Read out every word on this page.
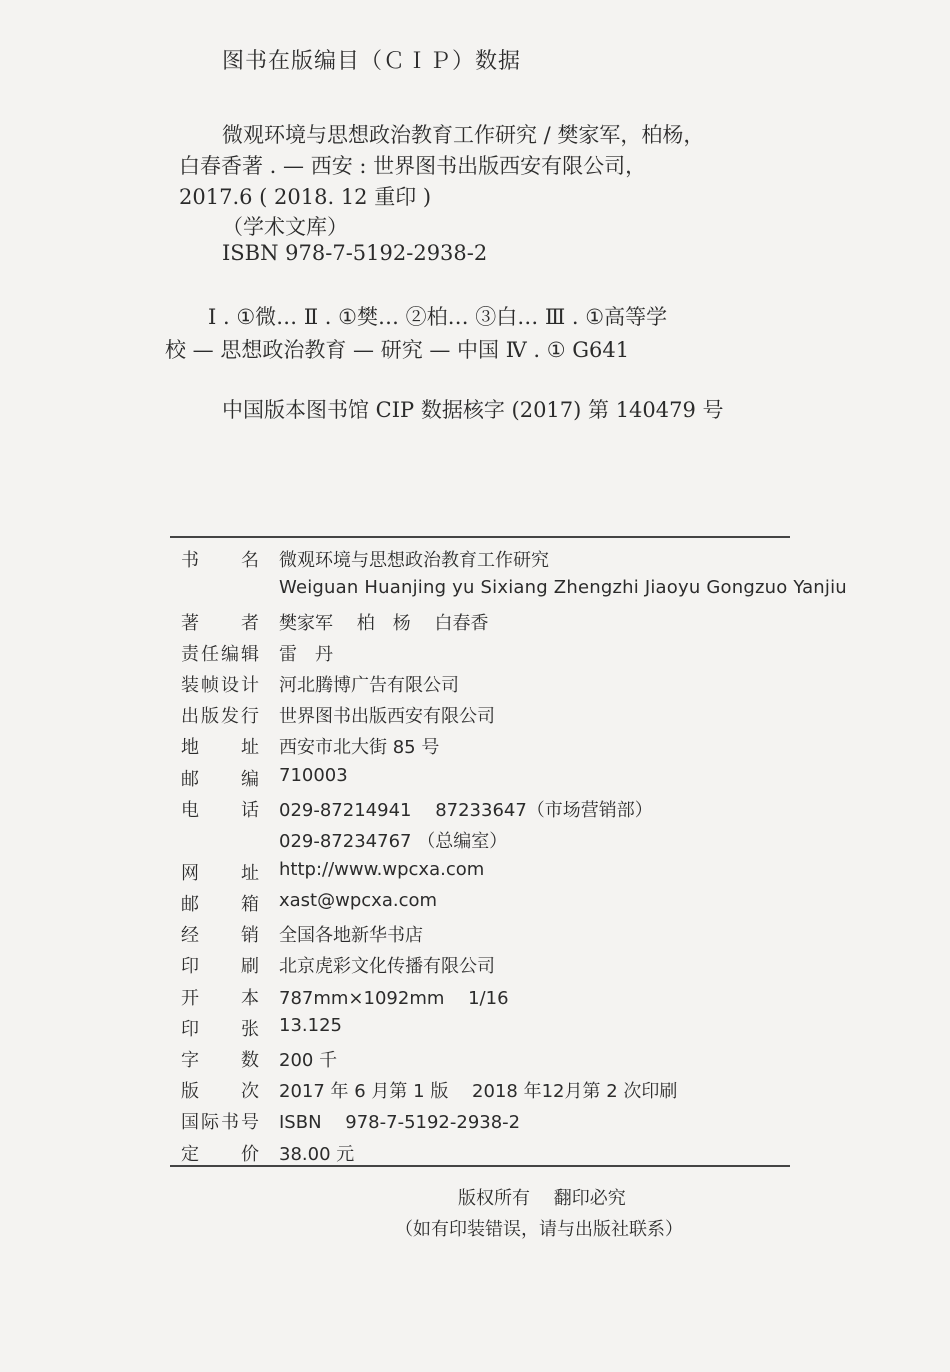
图书在版编目（ＣＩＰ）数据
微观环境与思想政治教育工作研究 / 樊家军，柏杨，
白春香著 . — 西安 : 世界图书出版西安有限公司，
2017.6 ( 2018. 12 重印 )
（学术文库）
ISBN 978-7-5192-2938-2
Ⅰ . ①微… Ⅱ . ①樊… ②柏… ③白… Ⅲ . ①高等学
校 — 思想政治教育 — 研究 — 中国 Ⅳ . ① G641
中国版本图书馆 CIP 数据核字 (2017) 第 140479 号
书名 微观环境与思想政治教育工作研究
Weiguan Huanjing yu Sixiang Zhengzhi Jiaoyu Gongzuo Yanjiu
著者 樊家军　 柏　杨　 白春香
责任编辑 雷　丹
装帧设计 河北腾博广告有限公司
出版发行 世界图书出版西安有限公司
地址 西安市北大街 85 号
邮编 710003
电话 029-87214941　 87233647（市场营销部）
029-87234767 （总编室）
网址 http://www.wpcxa.com
邮箱 xast@wpcxa.com
经销 全国各地新华书店
印刷 北京虎彩文化传播有限公司
开本 787mm×1092mm　 1/16
印张 13.125
字数 200 千
版次 2017 年 6 月第 1 版　 2018 年12月第 2 次印刷
国际书号 ISBN　 978-7-5192-2938-2
定价 38.00 元
版权所有　 翻印必究
（如有印装错误，请与出版社联系）
